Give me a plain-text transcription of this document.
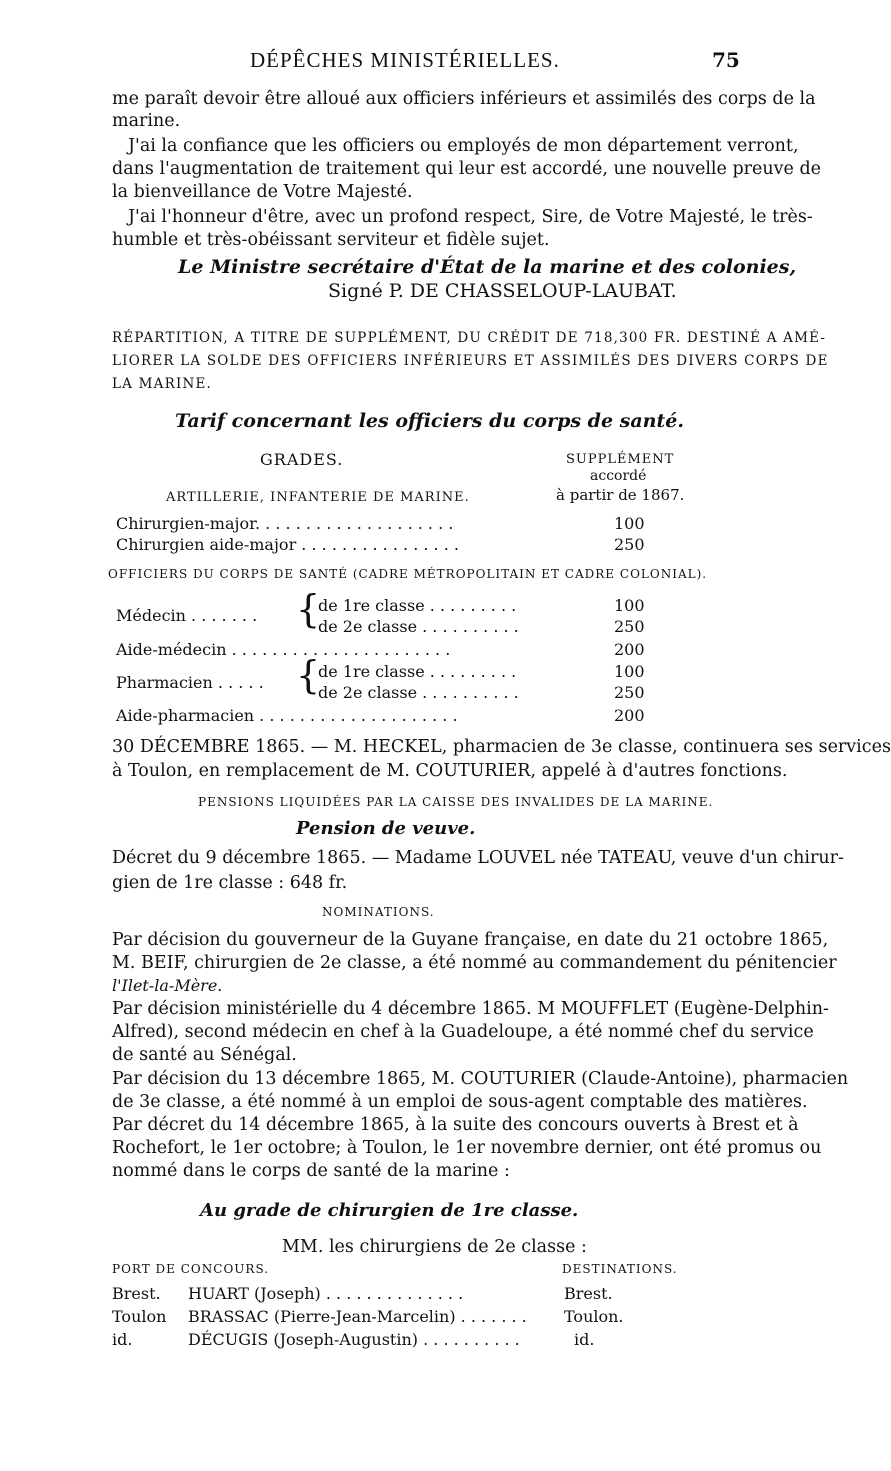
DÉPÊCHES MINISTÉRIELLES.	75
me paraît devoir être alloué aux officiers inférieurs et assimilés des corps de la
marine.
J'ai la confiance que les officiers ou employés de mon département verront,
dans l'augmentation de traitement qui leur est accordé, une nouvelle preuve de
la bienveillance de Votre Majesté.
J'ai l'honneur d'être, avec un profond respect, Sire, de Votre Majesté, le très-
humble et très-obéissant serviteur et fidèle sujet.
Le Ministre secrétaire d'État de la marine et des colonies,
Signé P. DE CHASSELOUP-LAUBAT.
RÉPARTITION, A TITRE DE SUPPLÉMENT, DU CRÉDIT DE 718,300 FR. DESTINÉ A AMÉ-
LIORER LA SOLDE DES OFFICIERS INFÉRIEURS ET ASSIMILÉS DES DIVERS CORPS DE
LA MARINE.
Tarif concernant les officiers du corps de santé.
GRADES.	SUPPLÉMENT
accordé
à partir de 1867.
ARTILLERIE, INFANTERIE DE MARINE.
Chirurgien-major. . . . . . . . . . . . . . . . . . . .	100
Chirurgien aide-major . . . . . . . . . . . . . . . .	250
OFFICIERS DU CORPS DE SANTÉ (CADRE MÉTROPOLITAIN ET CADRE COLONIAL).
Médecin . . . . . . . {
de 1re classe . . . . . . . . .	100
de 2e classe . . . . . . . . . .	250
Aide-médecin . . . . . . . . . . . . . . . . . . . . . .	200
Pharmacien . . . . . {
de 1re classe . . . . . . . . .	100
de 2e classe . . . . . . . . . .	250
Aide-pharmacien . . . . . . . . . . . . . . . . . . . .	200
30 DÉCEMBRE 1865. — M. HECKEL, pharmacien de 3e classe, continuera ses services
à Toulon, en remplacement de M. COUTURIER, appelé à d'autres fonctions.
PENSIONS LIQUIDÉES PAR LA CAISSE DES INVALIDES DE LA MARINE.
Pension de veuve.
Décret du 9 décembre 1865. — Madame LOUVEL née TATEAU, veuve d'un chirur-
gien de 1re classe : 648 fr.
NOMINATIONS.
Par décision du gouverneur de la Guyane française, en date du 21 octobre 1865,
M. BEIF, chirurgien de 2e classe, a été nommé au commandement du pénitencier
l'Ilet-la-Mère.
Par décision ministérielle du 4 décembre 1865. M MOUFFLET (Eugène-Delphin-
Alfred), second médecin en chef à la Guadeloupe, a été nommé chef du service
de santé au Sénégal.
Par décision du 13 décembre 1865, M. COUTURIER (Claude-Antoine), pharmacien
de 3e classe, a été nommé à un emploi de sous-agent comptable des matières.
Par décret du 14 décembre 1865, à la suite des concours ouverts à Brest et à
Rochefort, le 1er octobre; à Toulon, le 1er novembre dernier, ont été promus ou
nommé dans le corps de santé de la marine :
Au grade de chirurgien de 1re classe.
MM. les chirurgiens de 2e classe :
PORT DE CONCOURS.	DESTINATIONS.
Brest. HUART (Joseph) . . . . . . . . . . . . . .	Brest.
Toulon BRASSAC (Pierre-Jean-Marcelin) . . . . . . . Toulon.
id.	DÉCUGIS (Joseph-Augustin) . . . . . . . . . .	id.
